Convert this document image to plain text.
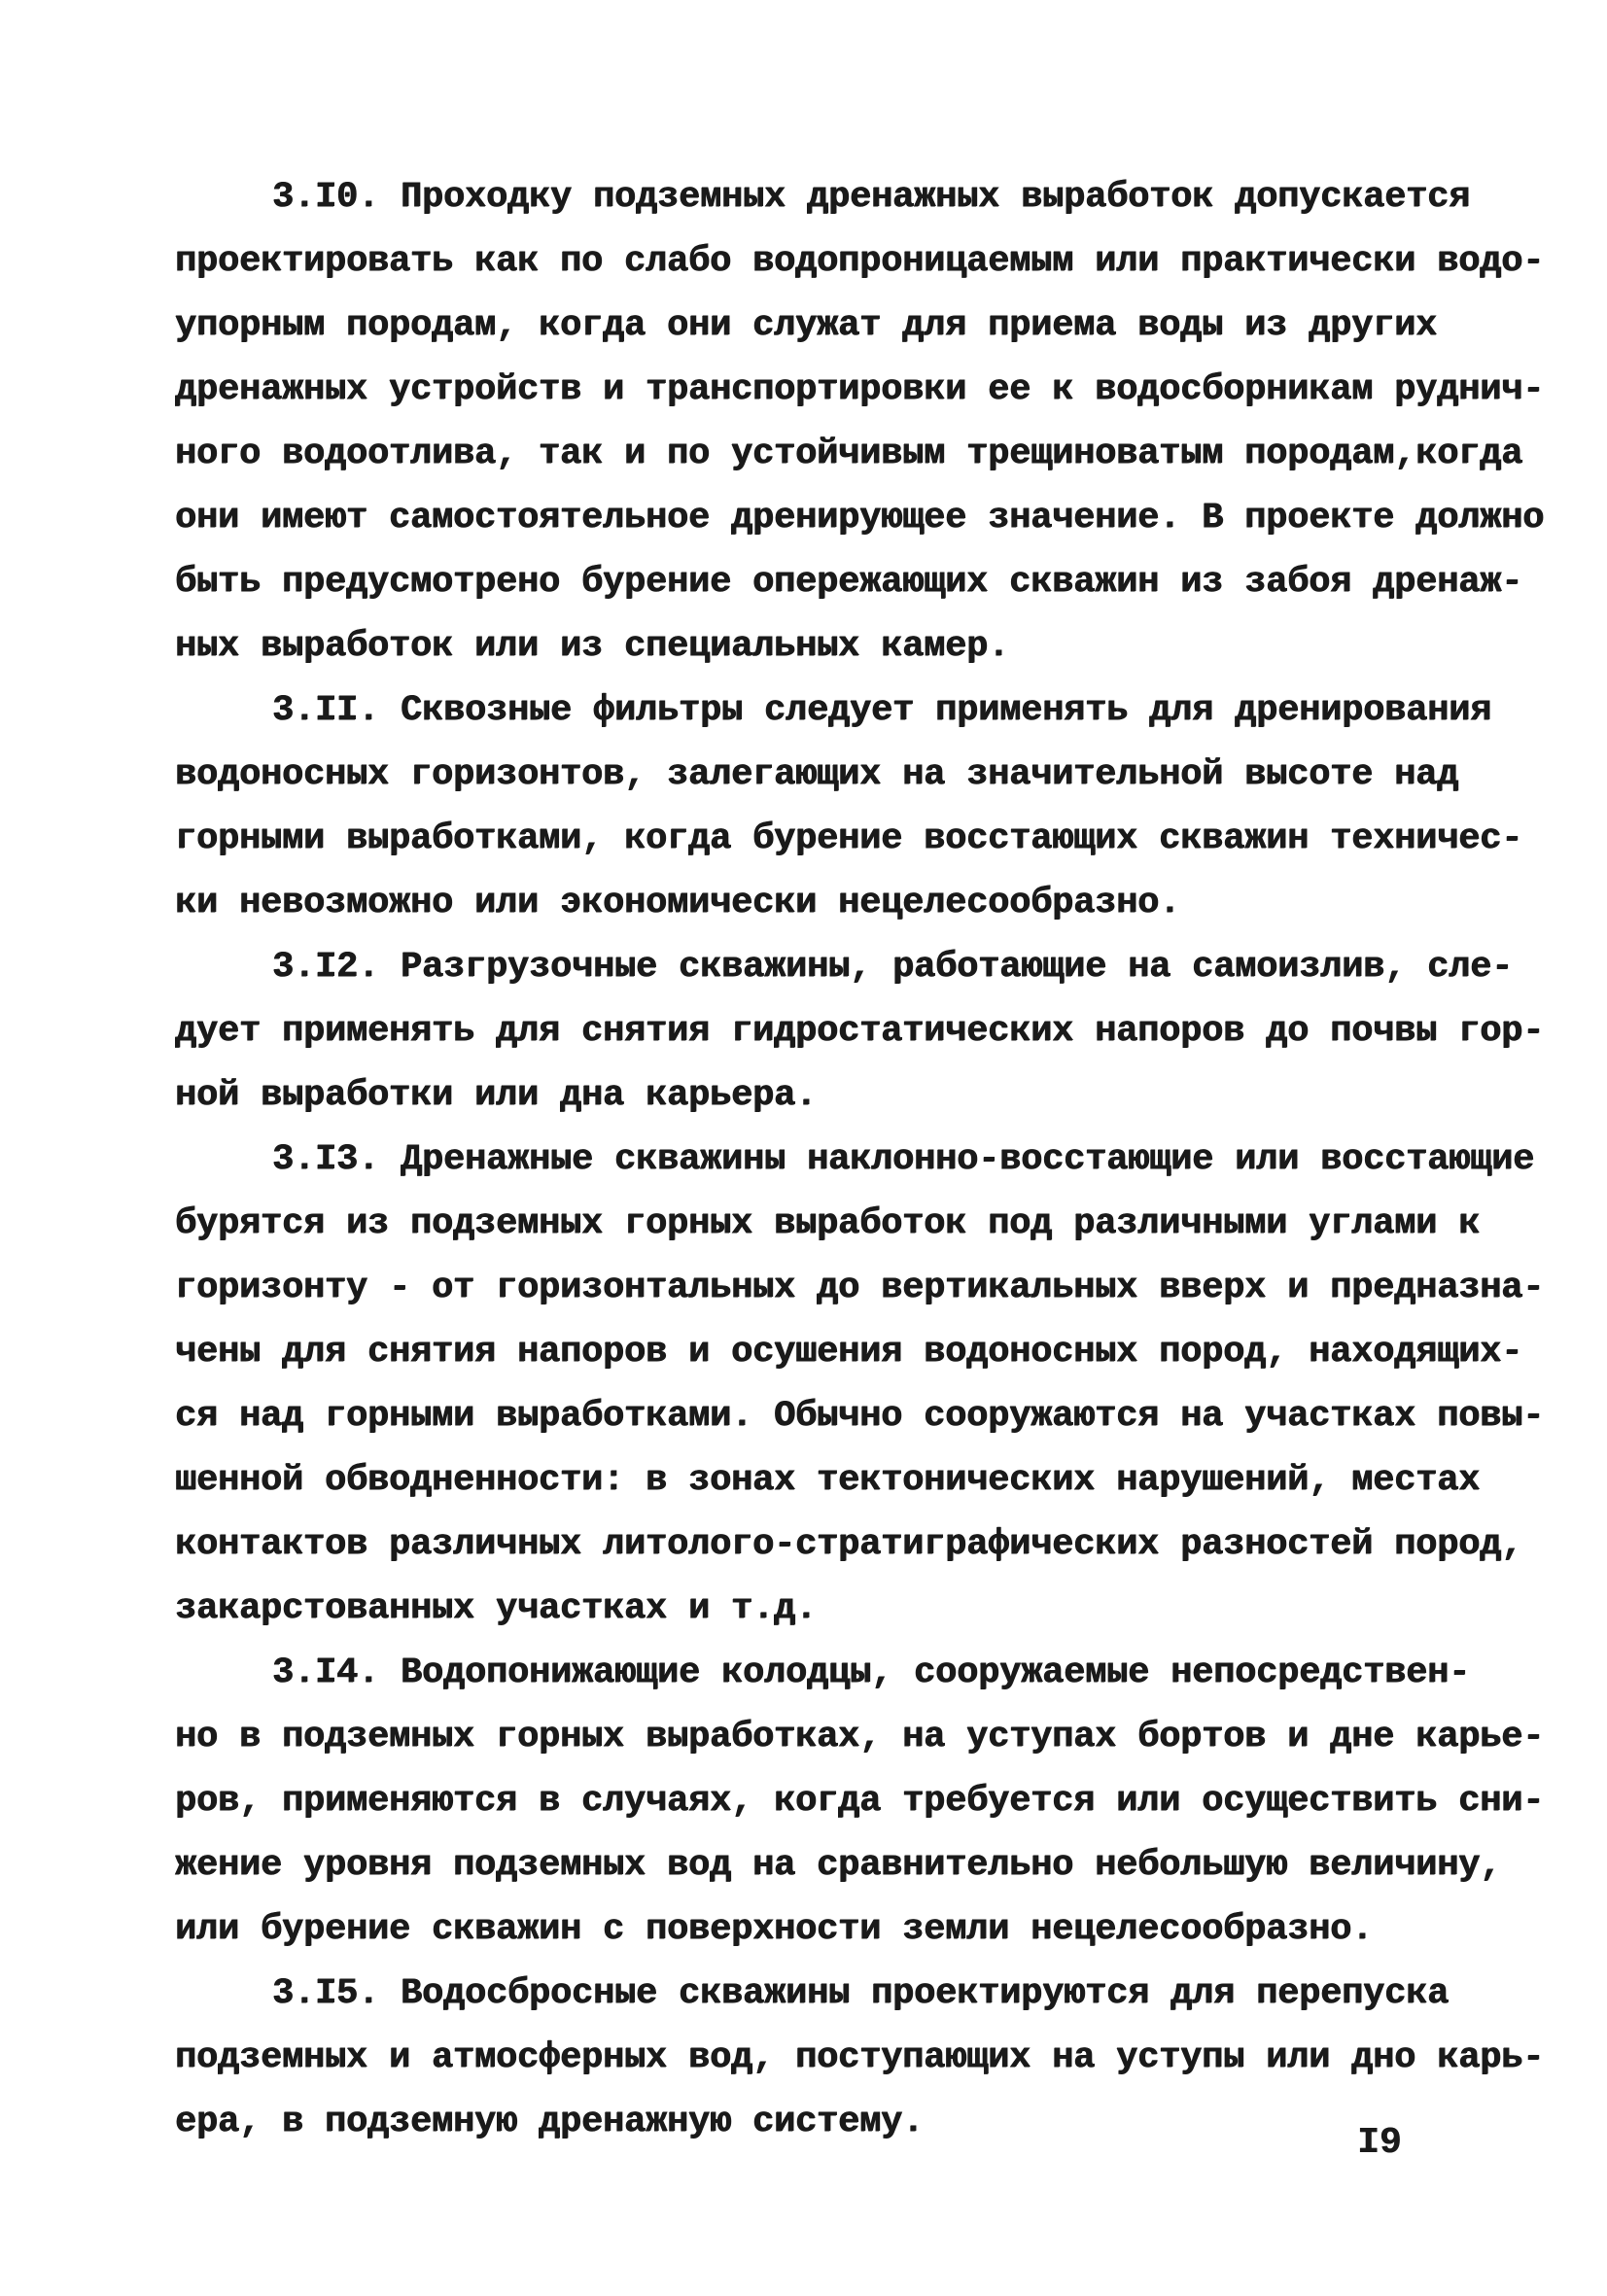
3.I0. Проходку подземных дренажных выработок допускается
проектировать как по слабо водопроницаемым или практически водо-
упорным породам, когда они служат для приема воды из других
дренажных устройств и транспортировки ее к водосборникам руднич-
ного водоотлива, так и по устойчивым трещиноватым породам,когда
они имеют самостоятельное дренирующее значение. В проекте должно
быть предусмотрено бурение опережающих скважин из забоя дренаж-
ных выработок или из специальных камер.
3.II. Сквозные фильтры следует применять для дренирования
водоносных горизонтов, залегающих на значительной высоте над
горными выработками, когда бурение восстающих скважин техничес-
ки невозможно или экономически нецелесообразно.
3.I2. Разгрузочные скважины, работающие на самоизлив, сле-
дует применять для снятия гидростатических напоров до почвы гор-
ной выработки или дна карьера.
3.I3. Дренажные скважины наклонно-восстающие или восстающие
бурятся из подземных горных выработок под различными углами к
горизонту - от горизонтальных до вертикальных вверх и предназна-
чены для снятия напоров и осушения водоносных пород, находящих-
ся над горными выработками. Обычно сооружаются на участках повы-
шенной обводненности: в зонах тектонических нарушений, местах
контактов различных литолого-стратиграфических разностей пород,
закарстованных участках и т.д.
3.I4. Водопонижающие колодцы, сооружаемые непосредствен-
но в подземных горных выработках, на уступах бортов и дне карье-
ров, применяются в случаях, когда требуется или осуществить сни-
жение уровня подземных вод на сравнительно небольшую величину,
или бурение скважин с поверхности земли нецелесообразно.
3.I5. Водосбросные скважины проектируются для перепуска
подземных и атмосферных вод, поступающих на уступы или дно карь-
ера, в подземную дренажную систему.	I9
